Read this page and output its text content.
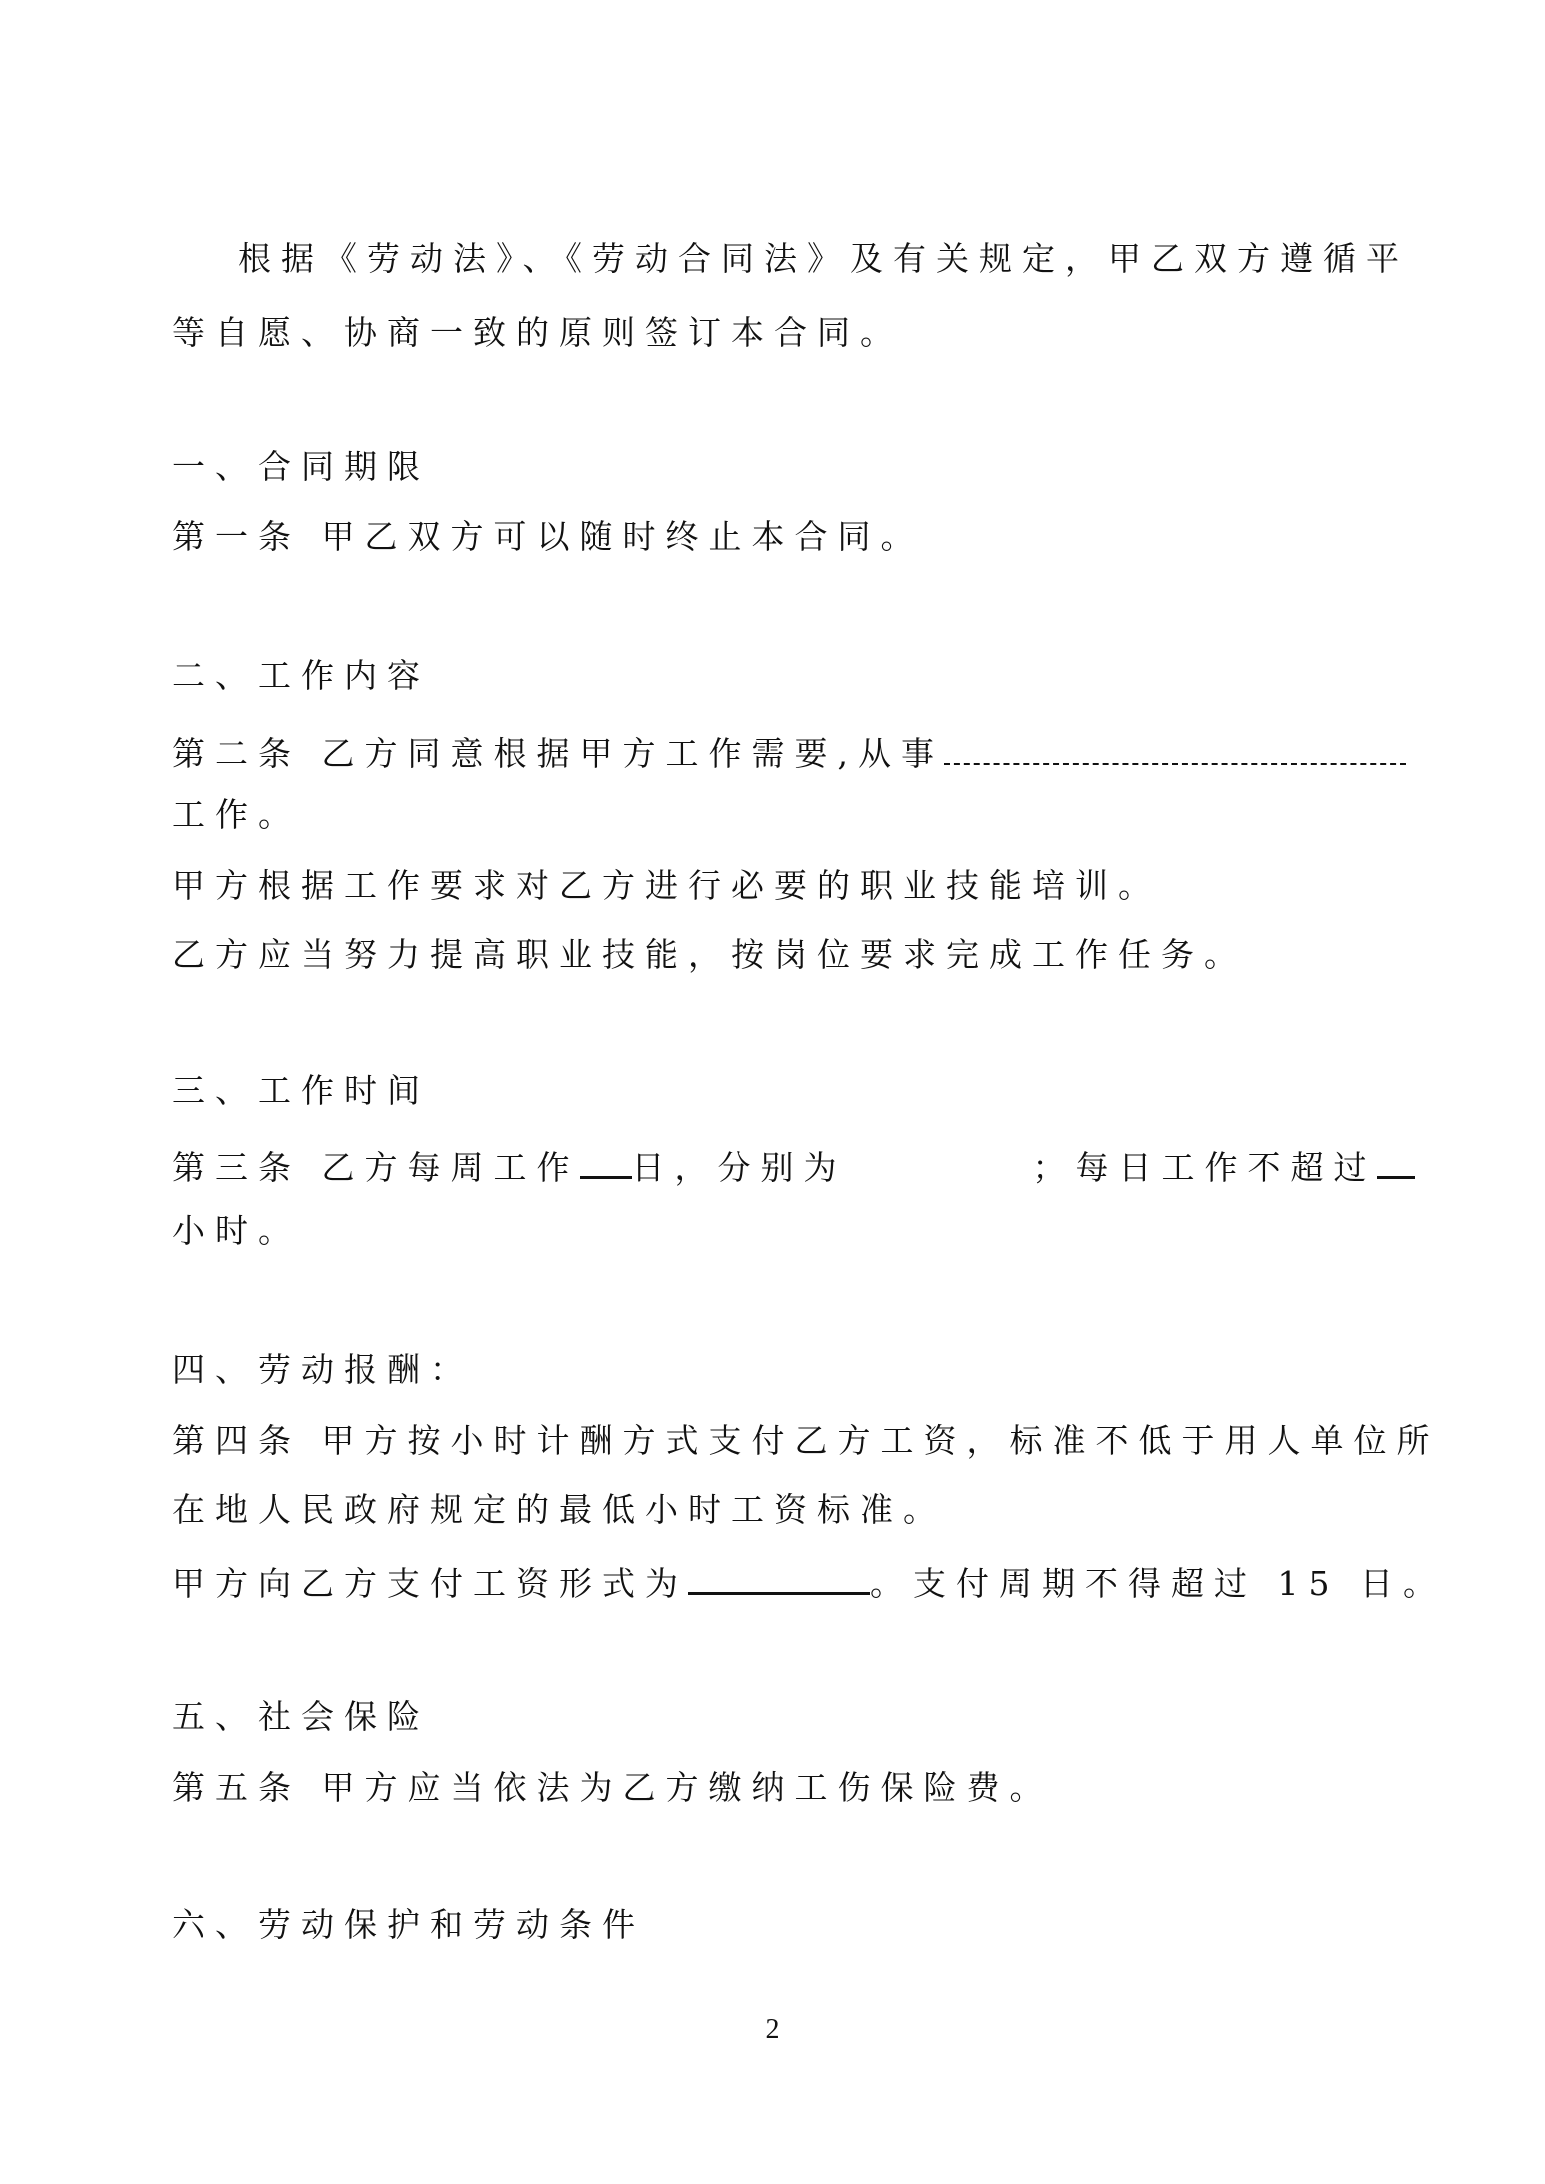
根据《劳动法》、《劳动合同法》及有关规定，甲乙双方遵循平

等自愿、协商一致的原则签订本合同。

一、合同期限

第一条 甲乙双方可以随时终止本合同。

二、工作内容

第二条 乙方同意根据甲方工作需要,从事

工作。

甲方根据工作要求对乙方进行必要的职业技能培训。

乙方应当努力提高职业技能，按岗位要求完成工作任务。

三、工作时间

第三条 乙方每周工作 日，分别为	；每日工作不超过

小时。

四、劳动报酬：

第四条 甲方按小时计酬方式支付乙方工资，标准不低于用人单位所

在地人民政府规定的最低小时工资标准。

甲方向乙方支付工资形式为	。支付周期不得超过 15 日。

五、社会保险

第五条 甲方应当依法为乙方缴纳工伤保险费。

六、劳动保护和劳动条件

2
